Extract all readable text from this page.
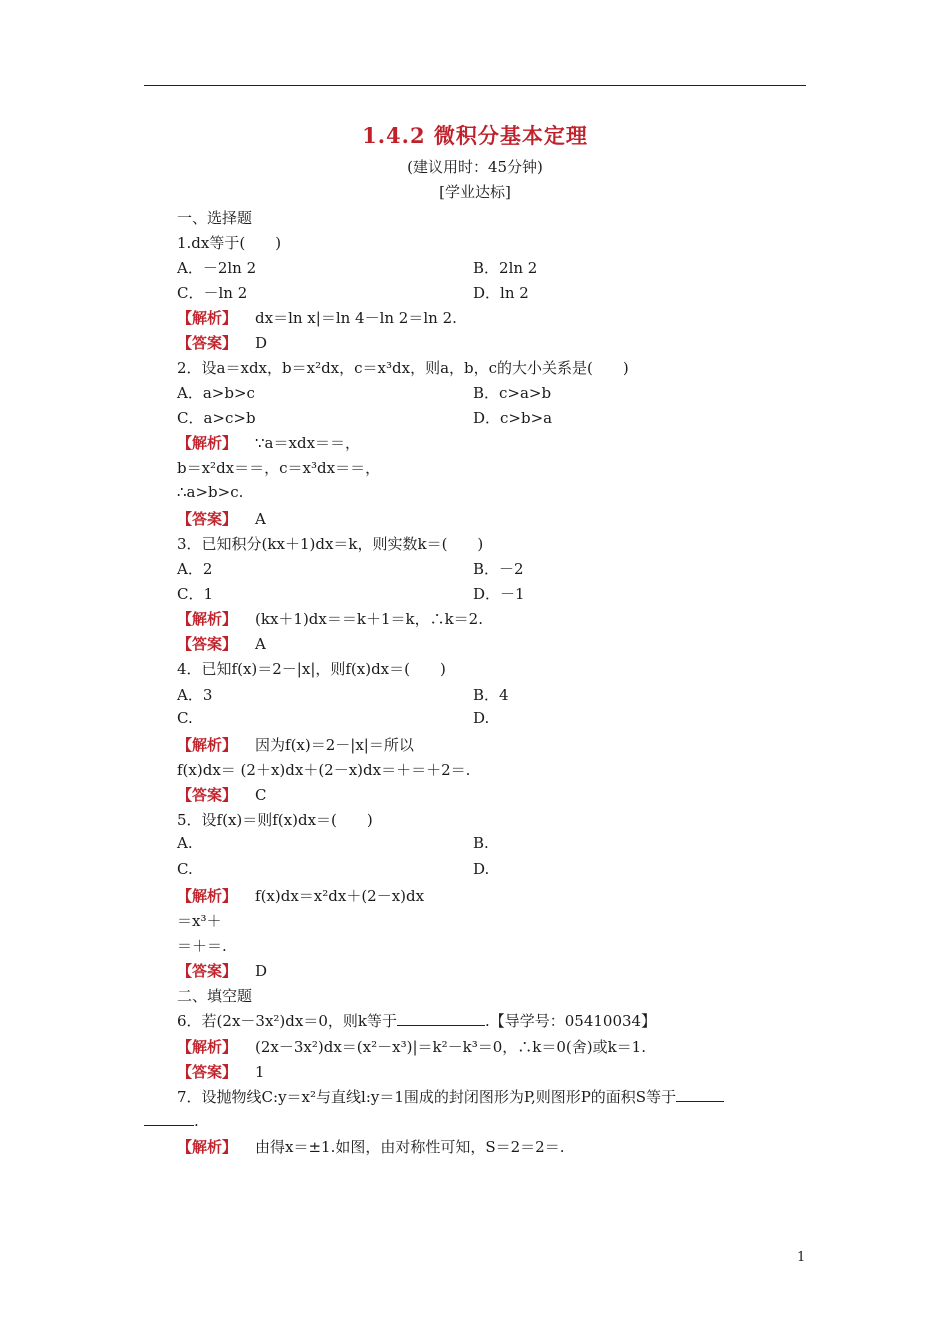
1.4.2 微积分基本定理
(建议用时：45分钟)
[学业达标]
一、选择题
1.dx等于(　　)
A．－2ln 2	B．2ln 2
C．－ln 2	D．ln 2
【解析】 dx＝ln x|＝ln 4－ln 2＝ln 2.
【答案】 D
2．设a＝xdx，b＝x²dx，c＝x³dx，则a，b，c的大小关系是(　　)
A．a>b>c	B．c>a>b
C．a>c>b	D．c>b>a
【解析】 ∵a＝xdx＝＝，
b＝x²dx＝＝，c＝x³dx＝＝，
∴a>b>c.
【答案】 A
3．已知积分(kx＋1)dx＝k，则实数k＝(　　)
A．2	B．－2
C．1	D．－1
【解析】 (kx＋1)dx＝＝k＋1＝k，∴k＝2.
【答案】 A
4．已知f(x)＝2－|x|，则f(x)dx＝(　　)
A．3	B．4
C.	D.
【解析】 因为f(x)＝2－|x|＝所以
f(x)dx＝ (2＋x)dx＋(2－x)dx＝＋＝＋2＝.
【答案】 C
5．设f(x)＝则f(x)dx＝(　　)
A.	B.
C.	D.
【解析】 f(x)dx＝x²dx＋(2－x)dx
＝x³＋
＝＋＝.
【答案】 D
二、填空题
6．若(2x－3x²)dx＝0，则k等于	.【导学号：05410034】
【解析】 (2x－3x²)dx＝(x²－x³)|＝k²－k³＝0，∴k＝0(舍)或k＝1.
【答案】 1
7．设抛物线C:y＝x²与直线l:y＝1围成的封闭图形为P,则图形P的面积S等于
.
【解析】 由得x＝±1.如图，由对称性可知，S＝2＝2＝.
1
